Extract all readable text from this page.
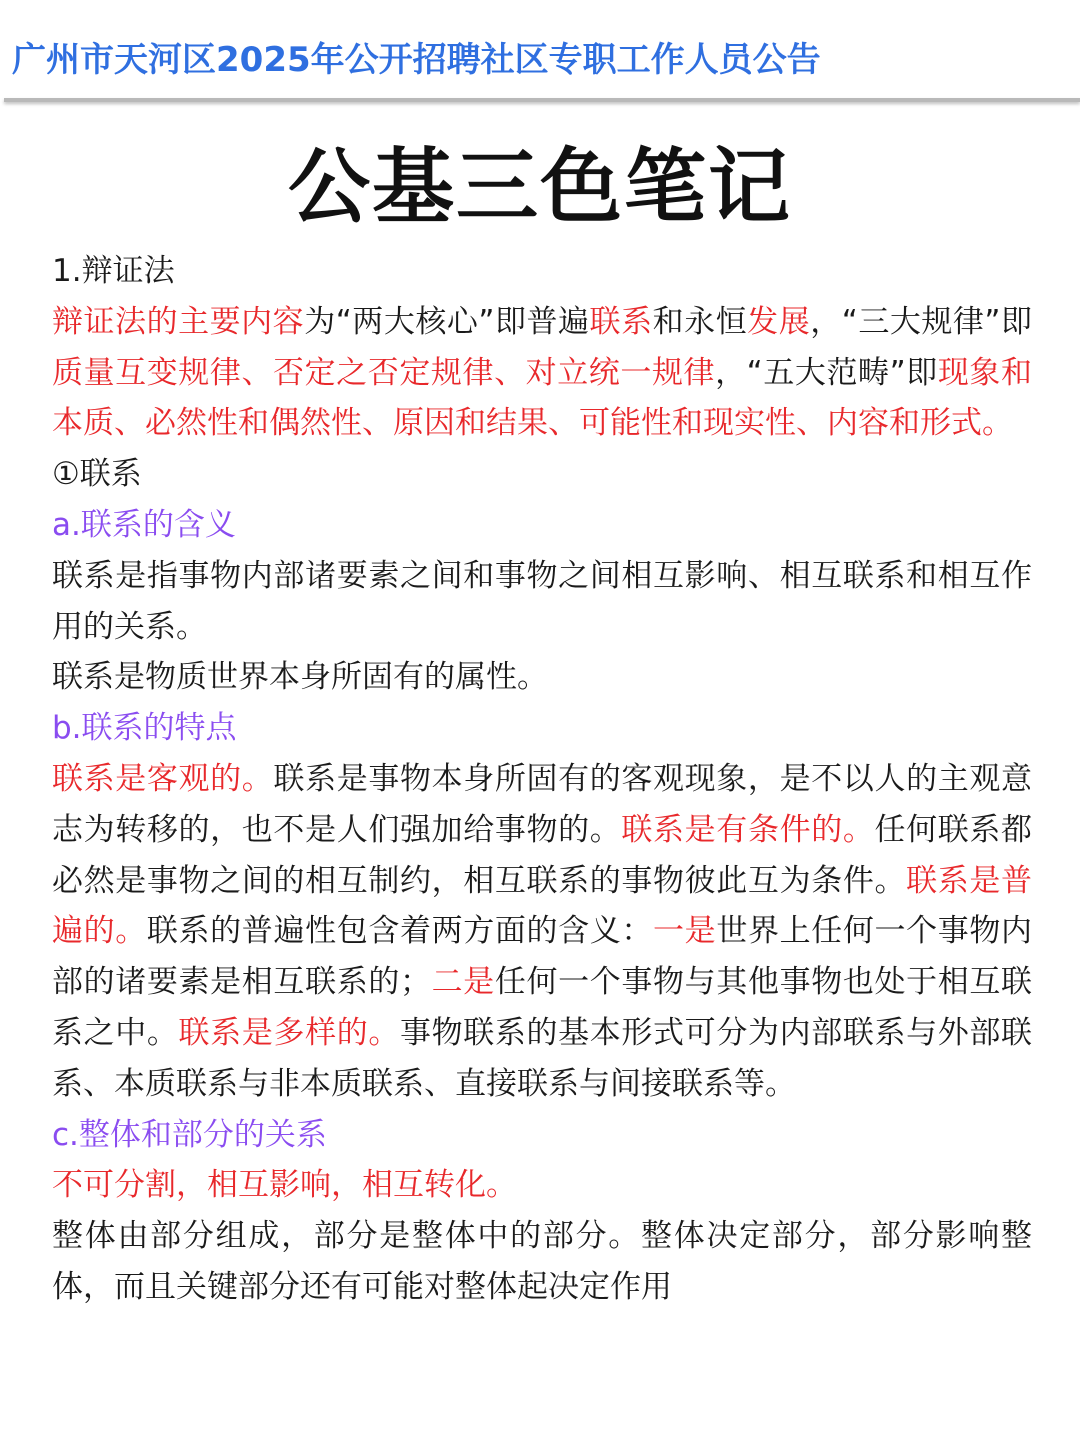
广州市天河区2025年公开招聘社区专职工作人员公告
公基三色笔记

1.辩证法

辩证法的主要内容为“两大核心”即普遍联系和永恒发展，“三大规律”即质量互变规律、否定之否定规律、对立统一规律，“五大范畴”即现象和本质、必然性和偶然性、原因和结果、可能性和现实性、内容和形式。

①联系

a.联系的含义

联系是指事物内部诸要素之间和事物之间相互影响、相互联系和相互作用的关系。

联系是物质世界本身所固有的属性。

b.联系的特点

联系是客观的。联系是事物本身所固有的客观现象，是不以人的主观意志为转移的，也不是人们强加给事物的。联系是有条件的。任何联系都必然是事物之间的相互制约，相互联系的事物彼此互为条件。联系是普遍的。联系的普遍性包含着两方面的含义：一是世界上任何一个事物内部的诸要素是相互联系的；二是任何一个事物与其他事物也处于相互联系之中。联系是多样的。事物联系的基本形式可分为内部联系与外部联系、本质联系与非本质联系、直接联系与间接联系等。

c.整体和部分的关系

不可分割，相互影响，相互转化。

整体由部分组成，部分是整体中的部分。整体决定部分，部分影响整体，而且关键部分还有可能对整体起决定作用
